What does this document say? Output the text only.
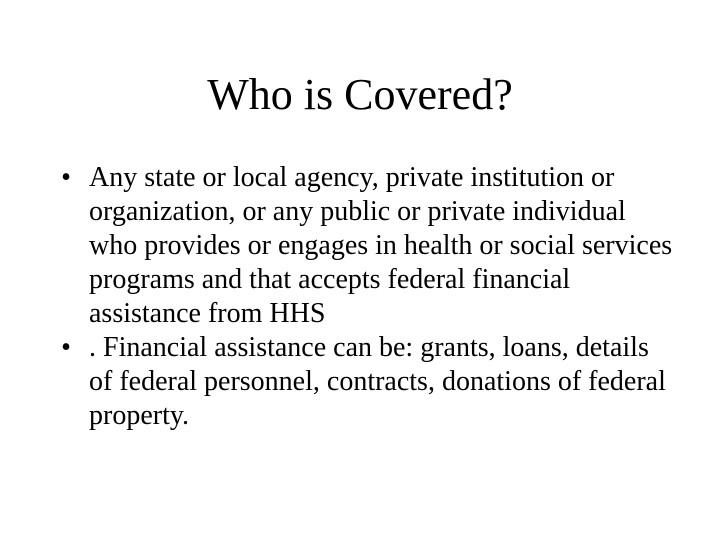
Who is Covered?
• Any state or local agency, private institution or organization, or any public or private individual who provides or engages in health or social services programs and that accepts federal financial assistance from HHS
• . Financial assistance can be: grants, loans, details of federal personnel, contracts, donations of federal property.
